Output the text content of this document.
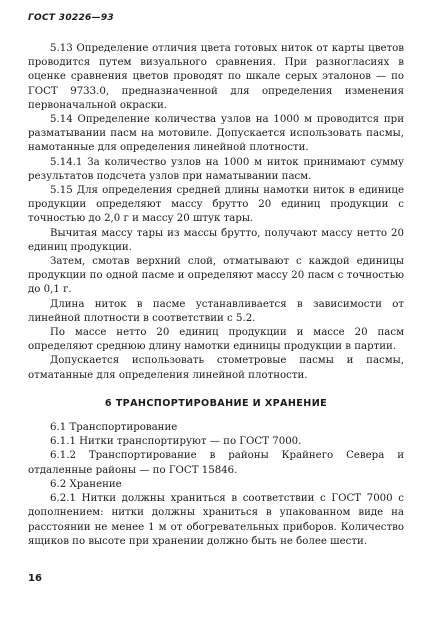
ГОСТ 30226—93

5.13 Определение отличия цвета готовых ниток от карты цветов проводится путем визуального сравнения. При разногласиях в оценке сравнения цветов проводят по шкале серых эталонов — по ГОСТ 9733.0, предназначенной для определения изменения первоначальной окраски.

5.14 Определение количества узлов на 1000 м проводится при разматывании пасм на мотовиле. Допускается использовать пасмы, намотанные для определения линейной плотности.

5.14.1 За количество узлов на 1000 м ниток принимают сумму результатов подсчета узлов при наматывании пасм.

5.15 Для определения средней длины намотки ниток в единице продукции определяют массу брутто 20 единиц продукции с точностью до 2,0 г и массу 20 штук тары.

Вычитая массу тары из массы брутто, получают массу нетто 20 единиц продукции.

Затем, смотав верхний слой, отматывают с каждой единицы продукции по одной пасме и определяют массу 20 пасм с точностью до 0,1 г.

Длина ниток в пасме устанавливается в зависимости от линейной плотности в соответствии с 5.2.

По массе нетто 20 единиц продукции и массе 20 пасм определяют среднюю длину намотки единицы продукции в партии.

Допускается использовать стометровые пасмы и пасмы, отматанные для определения линейной плотности.

6 ТРАНСПОРТИРОВАНИЕ И ХРАНЕНИЕ

6.1 Транспортирование

6.1.1 Нитки транспортируют — по ГОСТ 7000.

6.1.2 Транспортирование в районы Крайнего Севера и отдаленные районы — по ГОСТ 15846.

6.2 Хранение

6.2.1 Нитки должны храниться в соответствии с ГОСТ 7000 с дополнением: нитки должны храниться в упакованном виде на расстоянии не менее 1 м от обогревательных приборов. Количество ящиков по высоте при хранении должно быть не более шести.

16
